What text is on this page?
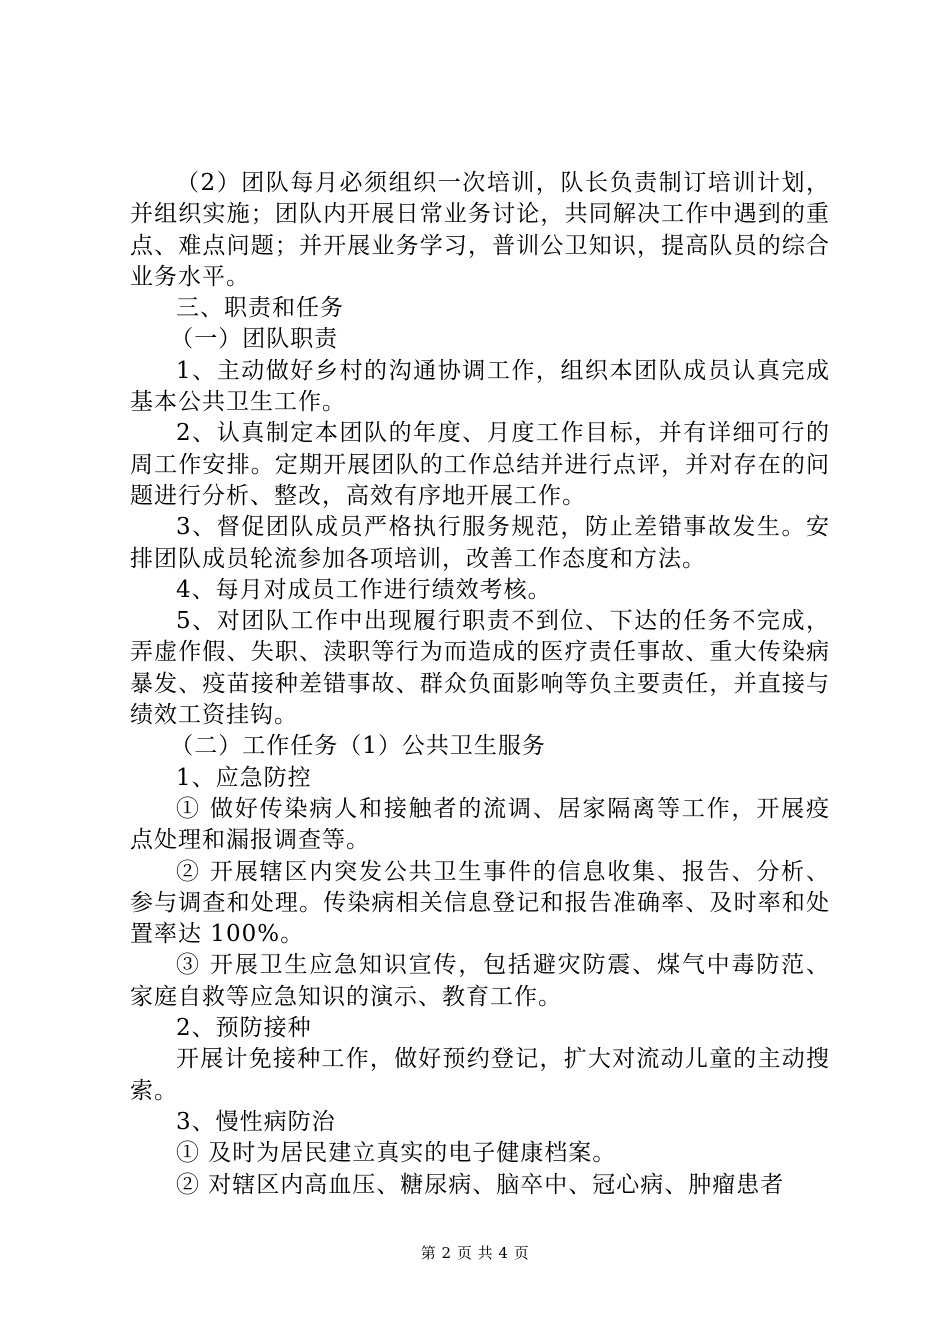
（2）团队每月必须组织一次培训，队长负责制订培训计划，并组织实施；团队内开展日常业务讨论，共同解决工作中遇到的重点、难点问题；并开展业务学习，普训公卫知识，提高队员的综合业务水平。

三、职责和任务

（一）团队职责

1、主动做好乡村的沟通协调工作，组织本团队成员认真完成基本公共卫生工作。

2、认真制定本团队的年度、月度工作目标，并有详细可行的周工作安排。定期开展团队的工作总结并进行点评，并对存在的问题进行分析、整改，高效有序地开展工作。

3、督促团队成员严格执行服务规范，防止差错事故发生。安排团队成员轮流参加各项培训，改善工作态度和方法。

4、每月对成员工作进行绩效考核。

5、对团队工作中出现履行职责不到位、下达的任务不完成，弄虚作假、失职、渎职等行为而造成的医疗责任事故、重大传染病暴发、疫苗接种差错事故、群众负面影响等负主要责任，并直接与绩效工资挂钩。

（二）工作任务（1）公共卫生服务

1、应急防控

① 做好传染病人和接触者的流调、居家隔离等工作，开展疫点处理和漏报调查等。

② 开展辖区内突发公共卫生事件的信息收集、报告、分析、参与调查和处理。传染病相关信息登记和报告准确率、及时率和处置率达 100%。

③ 开展卫生应急知识宣传，包括避灾防震、煤气中毒防范、家庭自救等应急知识的演示、教育工作。

2、预防接种

开展计免接种工作，做好预约登记，扩大对流动儿童的主动搜索。

3、慢性病防治

① 及时为居民建立真实的电子健康档案。

② 对辖区内高血压、糖尿病、脑卒中、冠心病、肿瘤患者

第 2 页 共 4 页
